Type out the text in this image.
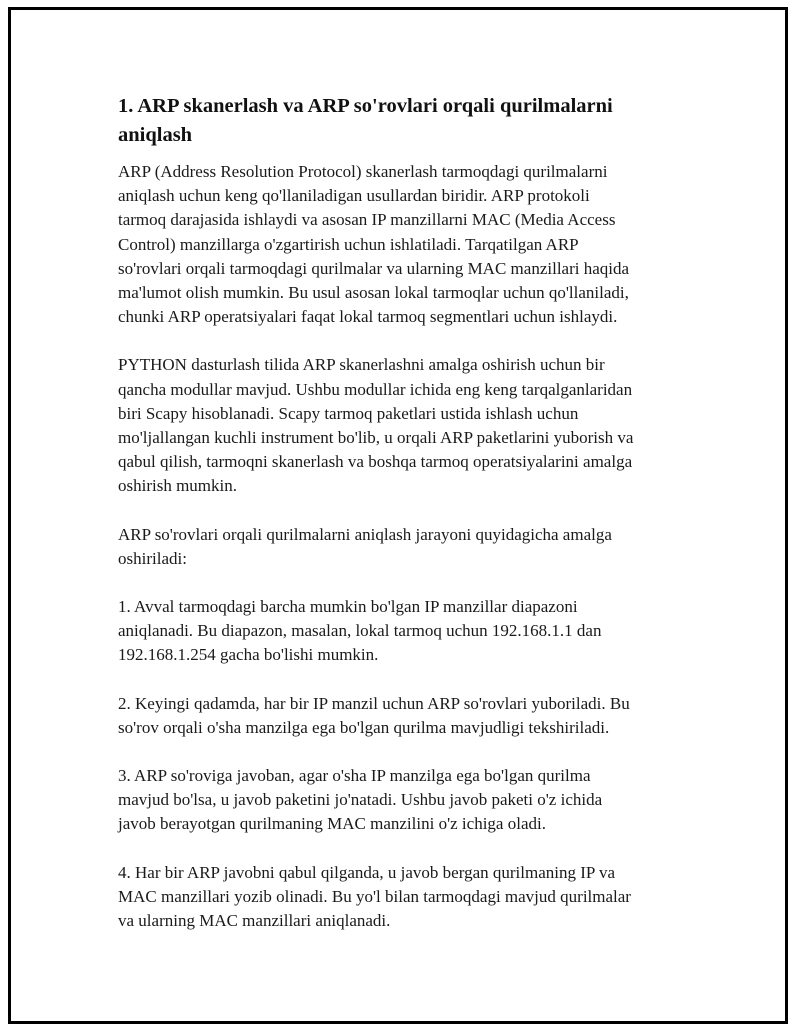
1. ARP skanerlash va ARP so'rovlari orqali qurilmalarni
aniqlash

ARP (Address Resolution Protocol) skanerlash tarmoqdagi qurilmalarni
aniqlash uchun keng qo'llaniladigan usullardan biridir. ARP protokoli
tarmoq darajasida ishlaydi va asosan IP manzillarni MAC (Media Access
Control) manzillarga o'zgartirish uchun ishlatiladi. Tarqatilgan ARP
so'rovlari orqali tarmoqdagi qurilmalar va ularning MAC manzillari haqida
ma'lumot olish mumkin. Bu usul asosan lokal tarmoqlar uchun qo'llaniladi,
chunki ARP operatsiyalari faqat lokal tarmoq segmentlari uchun ishlaydi.

PYTHON dasturlash tilida ARP skanerlashni amalga oshirish uchun bir
qancha modullar mavjud. Ushbu modullar ichida eng keng tarqalganlaridan
biri Scapy hisoblanadi. Scapy tarmoq paketlari ustida ishlash uchun
mo'ljallangan kuchli instrument bo'lib, u orqali ARP paketlarini yuborish va
qabul qilish, tarmoqni skanerlash va boshqa tarmoq operatsiyalarini amalga
oshirish mumkin.

ARP so'rovlari orqali qurilmalarni aniqlash jarayoni quyidagicha amalga
oshiriladi:

1. Avval tarmoqdagi barcha mumkin bo'lgan IP manzillar diapazoni
aniqlanadi. Bu diapazon, masalan, lokal tarmoq uchun 192.168.1.1 dan
192.168.1.254 gacha bo'lishi mumkin.

2. Keyingi qadamda, har bir IP manzil uchun ARP so'rovlari yuboriladi. Bu
so'rov orqali o'sha manzilga ega bo'lgan qurilma mavjudligi tekshiriladi.

3. ARP so'roviga javoban, agar o'sha IP manzilga ega bo'lgan qurilma
mavjud bo'lsa, u javob paketini jo'natadi. Ushbu javob paketi o'z ichida
javob berayotgan qurilmaning MAC manzilini o'z ichiga oladi.

4. Har bir ARP javobni qabul qilganda, u javob bergan qurilmaning IP va
MAC manzillari yozib olinadi. Bu yo'l bilan tarmoqdagi mavjud qurilmalar
va ularning MAC manzillari aniqlanadi.
